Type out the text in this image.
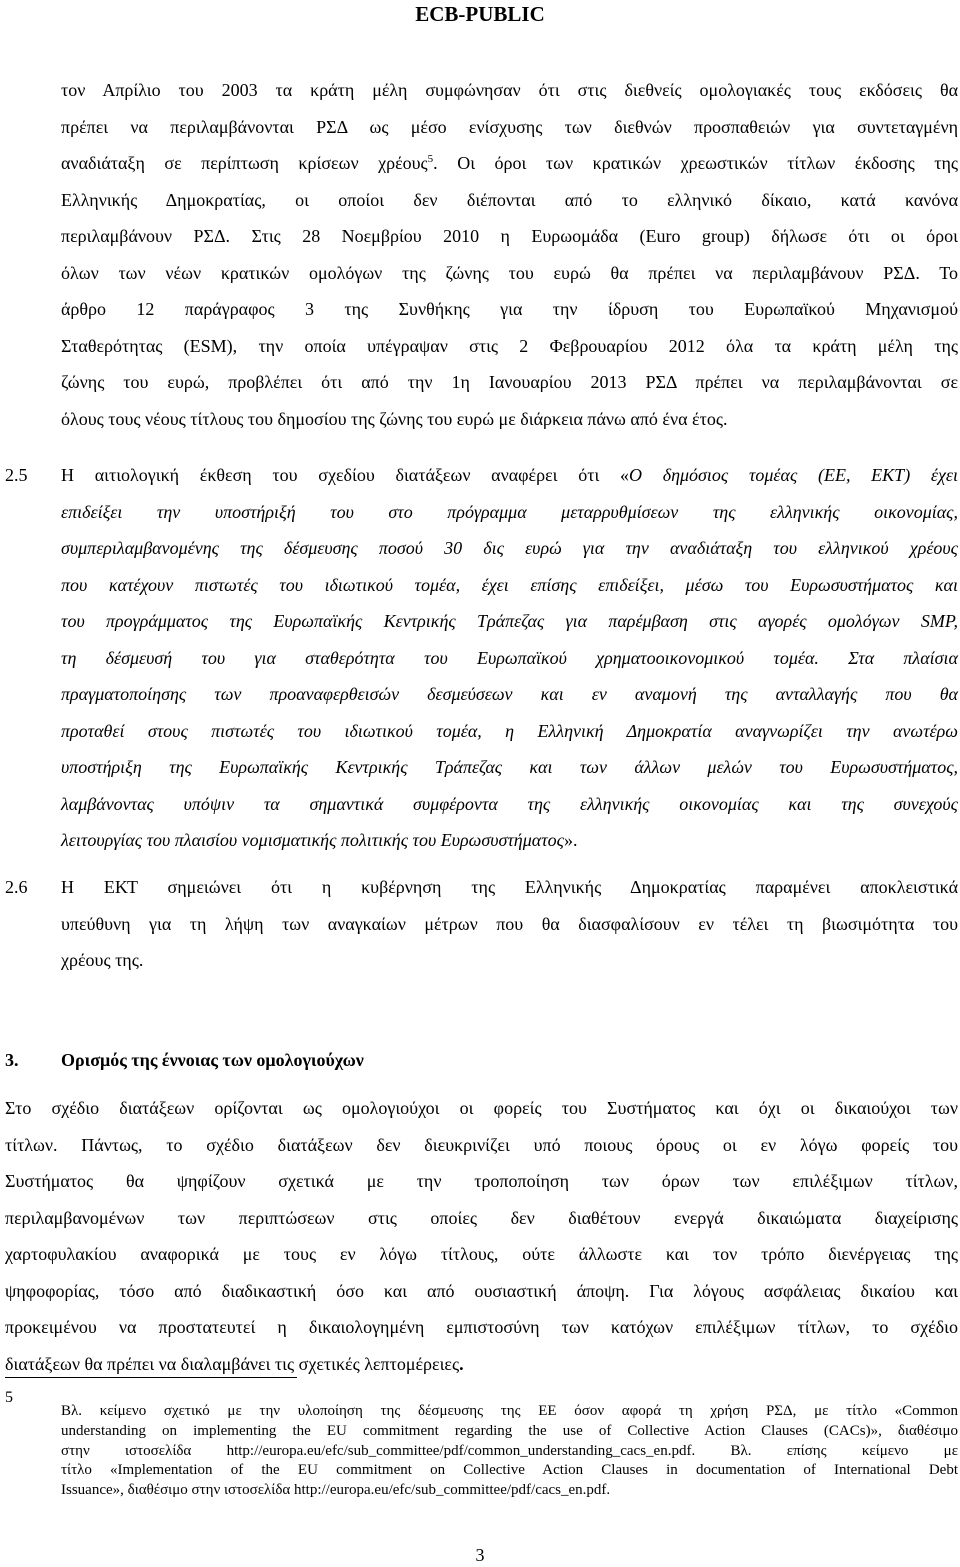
ECB-PUBLIC
τον Απρίλιο του 2003 τα κράτη μέλη συμφώνησαν ότι στις διεθνείς ομολογιακές τους εκδόσεις θα
πρέπει να περιλαμβάνονται ΡΣΔ ως μέσο ενίσχυσης των διεθνών προσπαθειών για συντεταγμένη
αναδιάταξη σε περίπτωση κρίσεων χρέους$^5$. Οι όροι των κρατικών χρεωστικών τίτλων έκδοσης της
Ελληνικής Δημοκρατίας, οι οποίοι δεν διέπονται από το ελληνικό δίκαιο, κατά κανόνα
περιλαμβάνουν ΡΣΔ. Στις 28 Νοεμβρίου 2010 η Ευρωομάδα (Euro group) δήλωσε ότι οι όροι
όλων των νέων κρατικών ομολόγων της ζώνης του ευρώ θα πρέπει να περιλαμβάνουν ΡΣΔ. Το
άρθρο 12 παράγραφος 3 της Συνθήκης για την ίδρυση του Ευρωπαϊκού Μηχανισμού
Σταθερότητας (ESM), την οποία υπέγραψαν στις 2 Φεβρουαρίου 2012 όλα τα κράτη μέλη της
ζώνης του ευρώ, προβλέπει ότι από την 1η Ιανουαρίου 2013 ΡΣΔ πρέπει να περιλαμβάνονται σε
όλους τους νέους τίτλους του δημοσίου της ζώνης του ευρώ με διάρκεια πάνω από ένα έτος.
2.5 Η αιτιολογική έκθεση του σχεδίου διατάξεων αναφέρει ότι «Ο δημόσιος τομέας (ΕΕ, ΕΚΤ) έχει
επιδείξει την υποστήριξή του στο πρόγραμμα μεταρρυθμίσεων της ελληνικής οικονομίας,
συμπεριλαμβανομένης της δέσμευσης ποσού 30 δις ευρώ για την αναδιάταξη του ελληνικού χρέους
που κατέχουν πιστωτές του ιδιωτικού τομέα, έχει επίσης επιδείξει, μέσω του Ευρωσυστήματος και
του προγράμματος της Ευρωπαϊκής Κεντρικής Τράπεζας για παρέμβαση στις αγορές ομολόγων SMP,
τη δέσμευσή του για σταθερότητα του Ευρωπαϊκού χρηματοοικονομικού τομέα. Στα πλαίσια
πραγματοποίησης των προαναφερθεισών δεσμεύσεων και εν αναμονή της ανταλλαγής που θα
προταθεί στους πιστωτές του ιδιωτικού τομέα, η Ελληνική Δημοκρατία αναγνωρίζει την ανωτέρω
υποστήριξη της Ευρωπαϊκής Κεντρικής Τράπεζας και των άλλων μελών του Ευρωσυστήματος,
λαμβάνοντας υπόψιν τα σημαντικά συμφέροντα της ελληνικής οικονομίας και της συνεχούς
λειτουργίας του πλαισίου νομισματικής πολιτικής του Ευρωσυστήματος».
2.6 Η ΕΚΤ σημειώνει ότι η κυβέρνηση της Ελληνικής Δημοκρατίας παραμένει αποκλειστικά
υπεύθυνη για τη λήψη των αναγκαίων μέτρων που θα διασφαλίσουν εν τέλει τη βιωσιμότητα του
χρέους της.
3. Ορισμός της έννοιας των ομολογιούχων
Στο σχέδιο διατάξεων ορίζονται ως ομολογιούχοι οι φορείς του Συστήματος και όχι οι δικαιούχοι των
τίτλων. Πάντως, το σχέδιο διατάξεων δεν διευκρινίζει υπό ποιους όρους οι εν λόγω φορείς του
Συστήματος θα ψηφίζουν σχετικά με την τροποποίηση των όρων των επιλέξιμων τίτλων,
περιλαμβανομένων των περιπτώσεων στις οποίες δεν διαθέτουν ενεργά δικαιώματα διαχείρισης
χαρτοφυλακίου αναφορικά με τους εν λόγω τίτλους, ούτε άλλωστε και τον τρόπο διενέργειας της
ψηφοφορίας, τόσο από διαδικαστική όσο και από ουσιαστική άποψη. Για λόγους ασφάλειας δικαίου και
προκειμένου να προστατευτεί η δικαιολογημένη εμπιστοσύνη των κατόχων επιλέξιμων τίτλων, το σχέδιο
διατάξεων θα πρέπει να διαλαμβάνει τις σχετικές λεπτομέρειες.
5
Βλ. κείμενο σχετικό με την υλοποίηση της δέσμευσης της ΕΕ όσον αφορά τη χρήση ΡΣΔ, με τίτλο «Common
understanding on implementing the EU commitment regarding the use of Collective Action Clauses (CACs)», διαθέσιμο
στην ιστοσελίδα http://europa.eu/efc/sub_committee/pdf/common_understanding_cacs_en.pdf. Βλ. επίσης κείμενο με
τίτλο «Implementation of the EU commitment on Collective Action Clauses in documentation of International Debt
Issuance», διαθέσιμο στην ιστοσελίδα http://europa.eu/efc/sub_committee/pdf/cacs_en.pdf.
3
